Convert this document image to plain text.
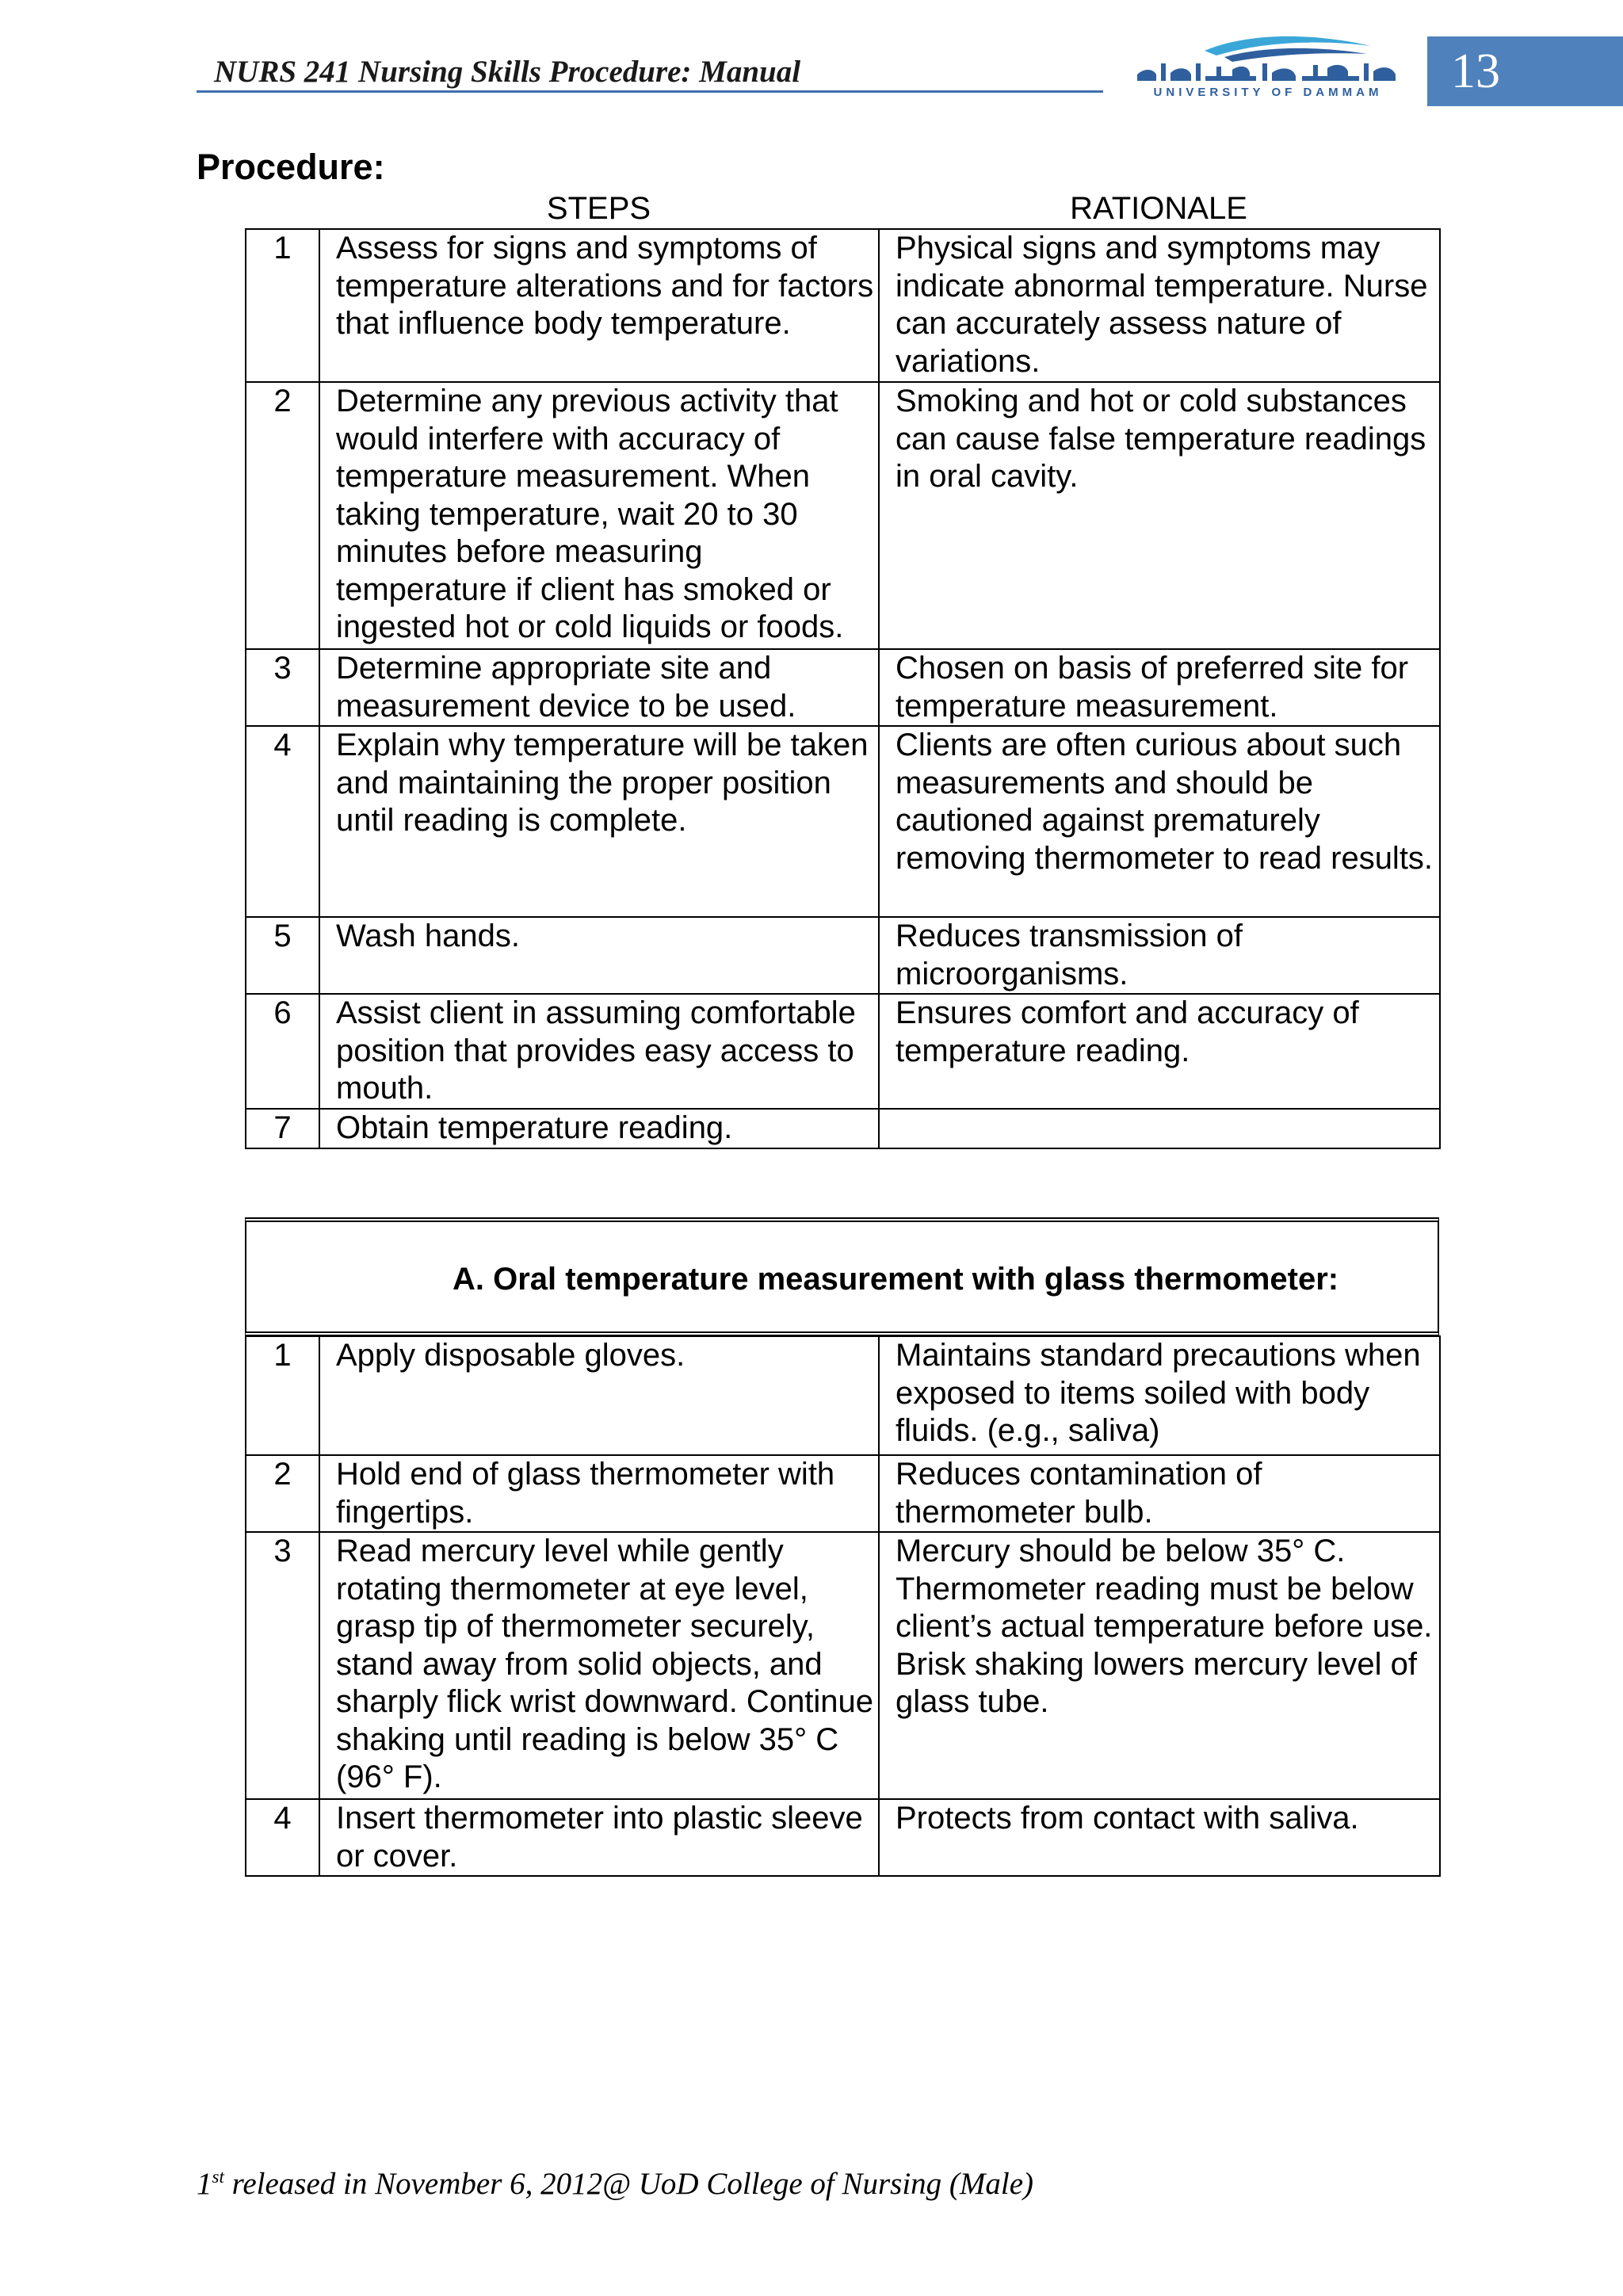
NURS 241 Nursing Skills Procedure: Manual
UNIVERSITY OF DAMMAM	13
Procedure:
STEPS	RATIONALE
1	Assess for signs and symptoms of temperature alterations and for factors that influence body temperature.	Physical signs and symptoms may indicate abnormal temperature. Nurse can accurately assess nature of variations.
2	Determine any previous activity that would interfere with accuracy of temperature measurement. When taking temperature, wait 20 to 30 minutes before measuring temperature if client has smoked or ingested hot or cold liquids or foods.	Smoking and hot or cold substances can cause false temperature readings in oral cavity.
3	Determine appropriate site and measurement device to be used.	Chosen on basis of preferred site for temperature measurement.
4	Explain why temperature will be taken and maintaining the proper position until reading is complete.	Clients are often curious about such measurements and should be cautioned against prematurely removing thermometer to read results.
5	Wash hands.	Reduces transmission of microorganisms.
6	Assist client in assuming comfortable position that provides easy access to mouth.	Ensures comfort and accuracy of temperature reading.
7	Obtain temperature reading.	
A. Oral temperature measurement with glass thermometer:
1	Apply disposable gloves.	Maintains standard precautions when exposed to items soiled with body fluids. (e.g., saliva)
2	Hold end of glass thermometer with fingertips.	Reduces contamination of thermometer bulb.
3	Read mercury level while gently rotating thermometer at eye level, grasp tip of thermometer securely, stand away from solid objects, and sharply flick wrist downward. Continue shaking until reading is below 35° C (96° F).	Mercury should be below 35° C. Thermometer reading must be below client’s actual temperature before use. Brisk shaking lowers mercury level of glass tube.
4	Insert thermometer into plastic sleeve or cover.	Protects from contact with saliva.
1st released in November 6, 2012@ UoD College of Nursing (Male)
